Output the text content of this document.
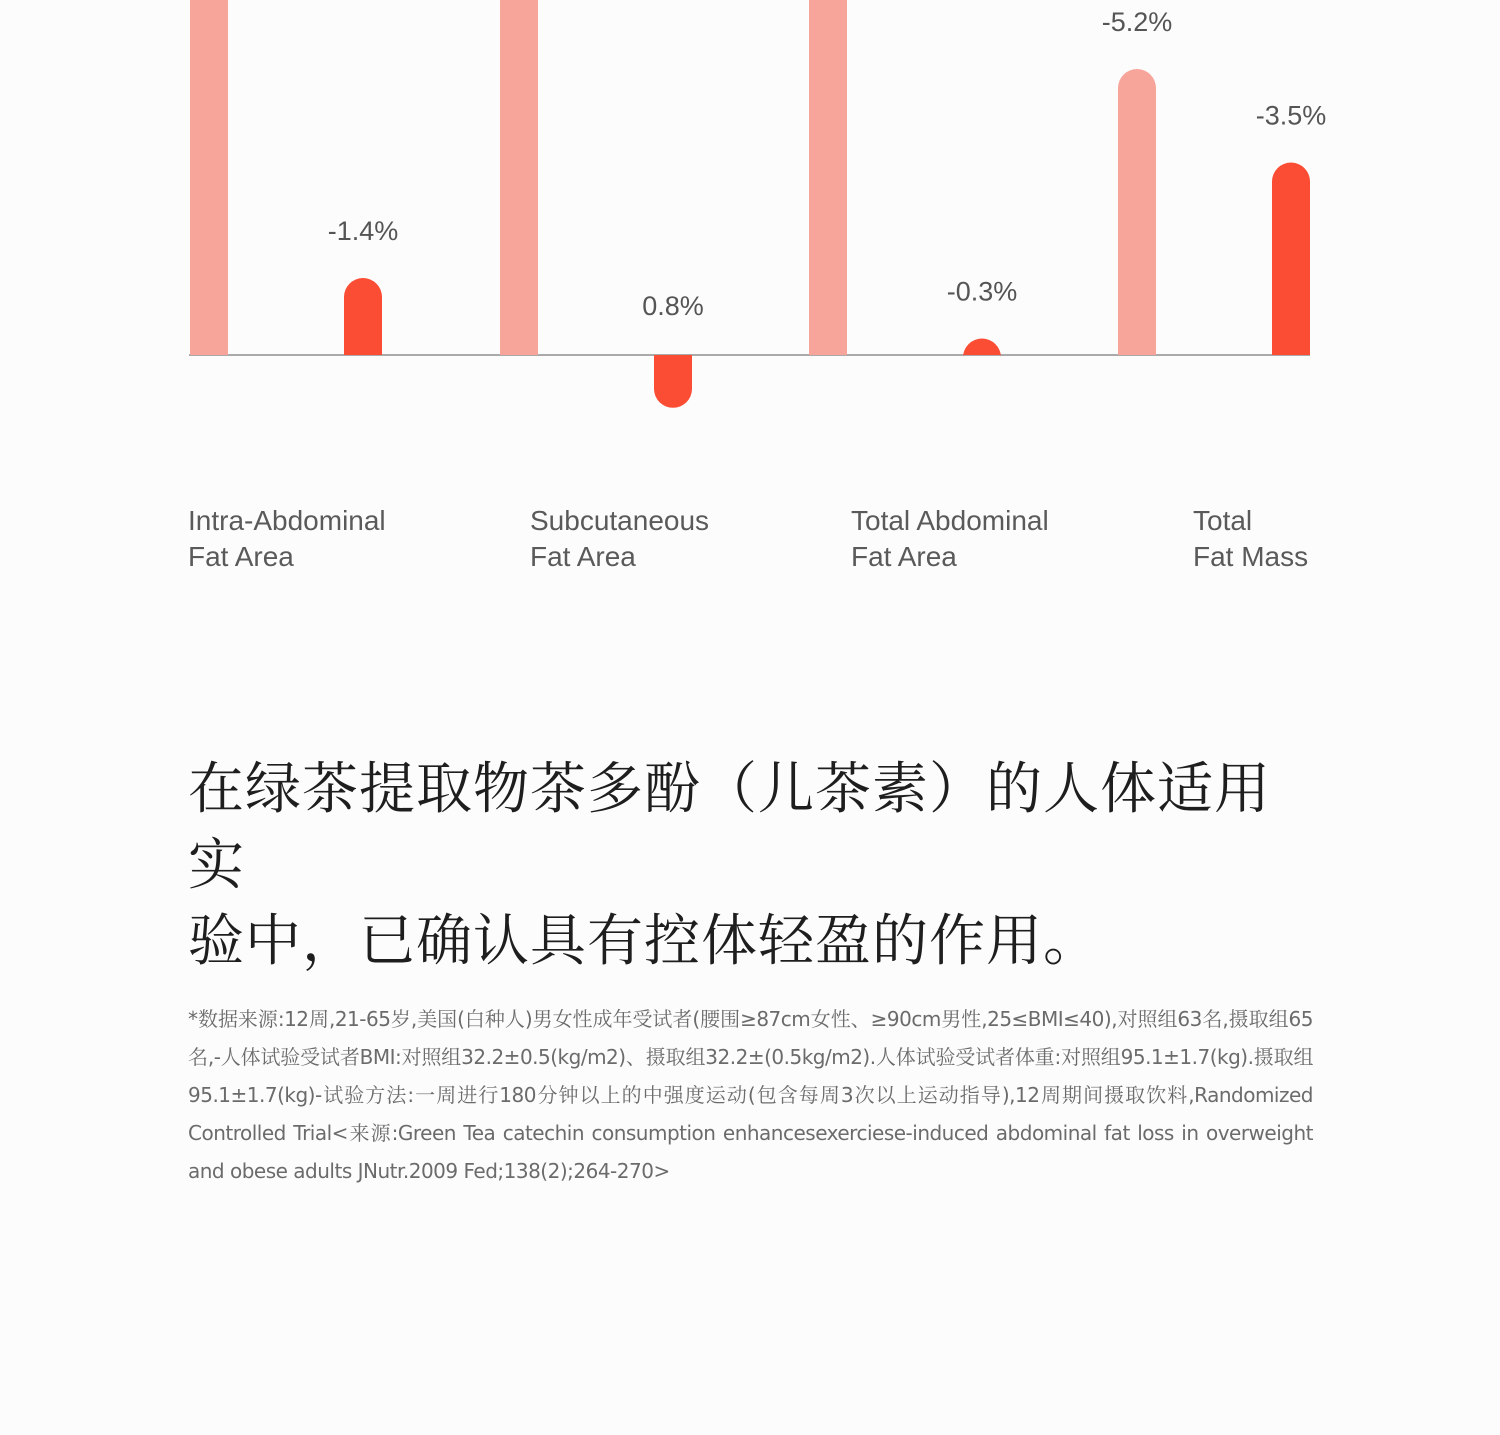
-1.4%
0.8%	-0.3%
-5.2%
-3.5%
Intra-Abdominal
Fat Area
Subcutaneous
Fat Area
Total Abdominal
Fat Area
Total
Fat Mass
在绿茶提取物茶多酚（儿茶素）的人体适用实
验中，已确认具有控体轻盈的作用。
*数据来源:12周,21-65岁,美国(白种人)男女性成年受试者(腰围≥87cm女性、≥90cm男性,25≤BMI≤40),对照组63名,摄取组65名,-人体试验受试者BMI:对照组32.2±0.5(kg/m2)、摄取组32.2±(0.5kg/m2).人体试验受试者体重:对照组95.1±1.7(kg).摄取组95.1±1.7(kg)-试验方法:一周进行180分钟以上的中强度运动(包含每周3次以上运动指导),12周期间摄取饮料,Randomized Controlled Trial<来源:Green Tea catechin consumption enhancesexerciese-induced abdominal fat loss in overweight and obese adults JNutr.2009 Fed;138(2);264-270>
